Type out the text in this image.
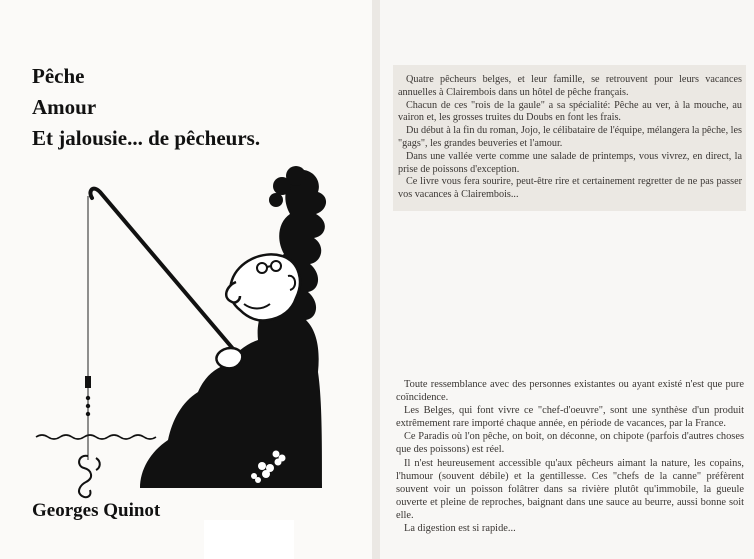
Pêche
Amour
Et jalousie... de pêcheurs.
Georges Quinot
Quatre pêcheurs belges, et leur famille, se retrouvent pour leurs vacances annuelles à Clairembois dans un hôtel de pêche français.
Chacun de ces "rois de la gaule" a sa spécialité: Pêche au ver, à la mouche, au vairon et, les grosses truites du Doubs en font les frais.
Du début à la fin du roman, Jojo, le célibataire de l'équipe, mélangera la pêche, les "gags", les grandes beuveries et l'amour.
Dans une vallée verte comme une salade de printemps, vous vivrez, en direct, la prise de poissons d'exception.
Ce livre vous fera sourire, peut-être rire et certainement regretter de ne pas passer vos vacances à Clairembois...
Toute ressemblance avec des personnes existantes ou ayant existé n'est que pure coïncidence.
Les Belges, qui font vivre ce "chef-d'oeuvre", sont une synthèse d'un produit extrêmement rare importé chaque année, en période de vacances, par la France.
Ce Paradis où l'on pêche, on boit, on déconne, on chipote (parfois d'autres choses que des poissons) est réel.
Il n'est heureusement accessible qu'aux pêcheurs aimant la nature, les copains, l'humour (souvent débile) et la gentillesse. Ces "chefs de la canne" préfèrent souvent voir un poisson folâtrer dans sa rivière plutôt qu'immobile, la gueule ouverte et pleine de reproches, baignant dans une sauce au beurre, aussi bonne soit elle.
La digestion est si rapide...
